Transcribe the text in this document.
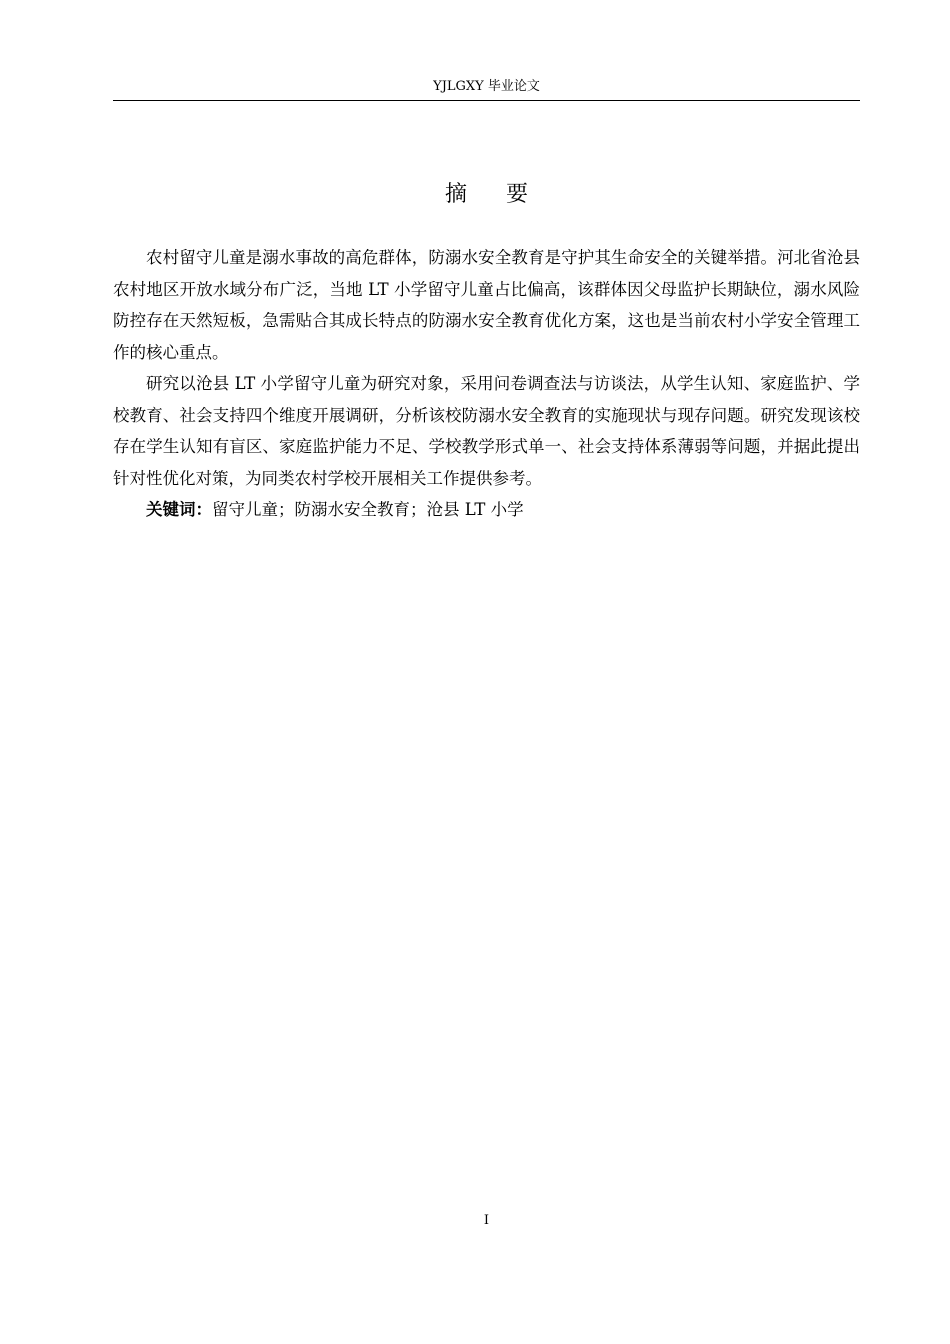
YJLGXY 毕业论文
摘 要

农村留守儿童是溺水事故的高危群体，防溺水安全教育是守护其生命安全的关键举措。河北省沧县农村地区开放水域分布广泛，当地 LT 小学留守儿童占比偏高，该群体因父母监护长期缺位，溺水风险防控存在天然短板，急需贴合其成长特点的防溺水安全教育优化方案，这也是当前农村小学安全管理工作的核心重点。

研究以沧县 LT 小学留守儿童为研究对象，采用问卷调查法与访谈法，从学生认知、家庭监护、学校教育、社会支持四个维度开展调研，分析该校防溺水安全教育的实施现状与现存问题。研究发现该校存在学生认知有盲区、家庭监护能力不足、学校教学形式单一、社会支持体系薄弱等问题，并据此提出针对性优化对策，为同类农村学校开展相关工作提供参考。

关键词：留守儿童；防溺水安全教育；沧县 LT 小学

I
